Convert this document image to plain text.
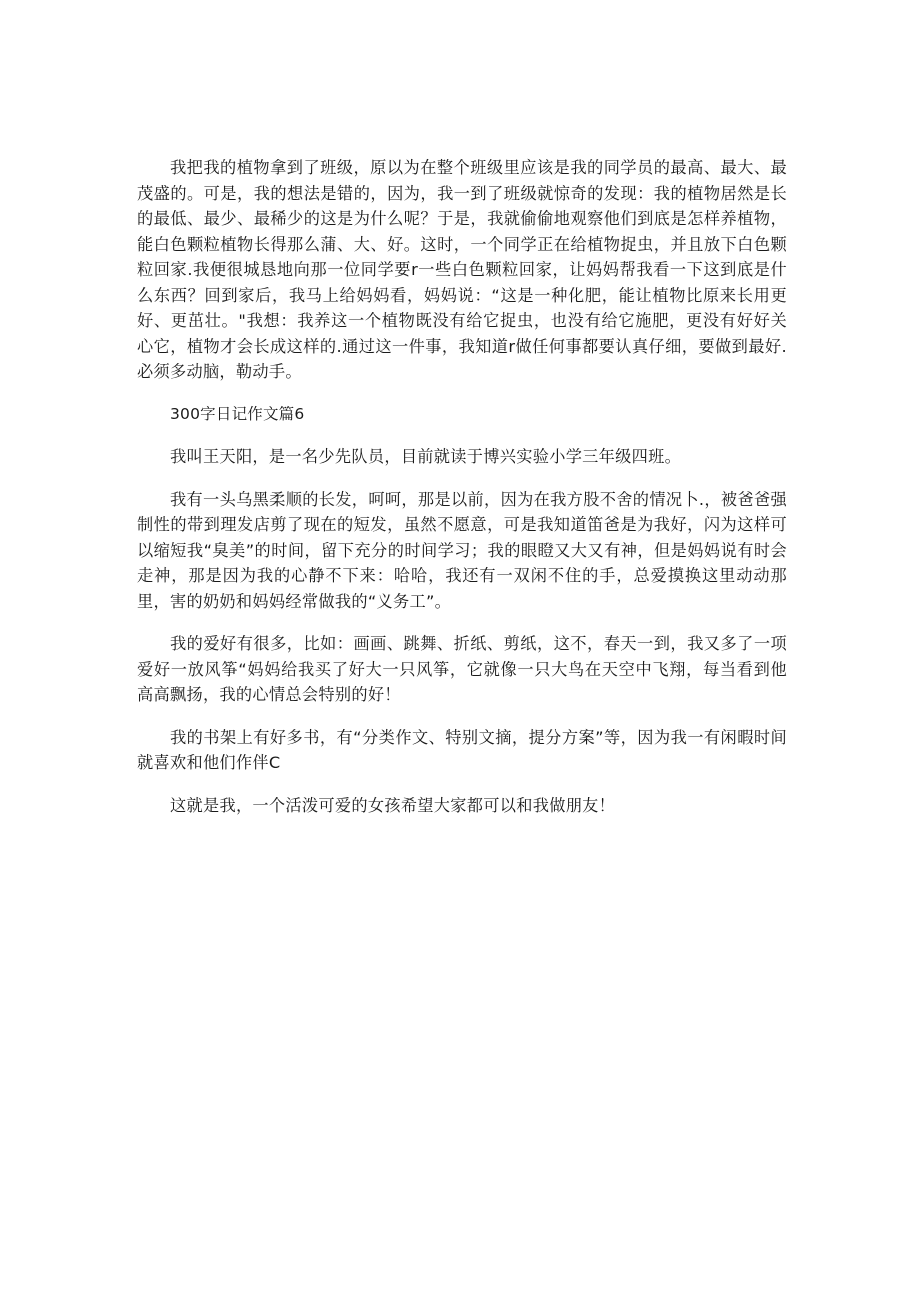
我把我的植物拿到了班级，原以为在整个班级里应该是我的同学员的最高、最大、最茂盛的。可是，我的想法是错的，因为，我一到了班级就惊奇的发现：我的植物居然是长的最低、最少、最稀少的这是为什么呢？于是，我就偷偷地观察他们到底是怎样养植物，能白色颗粒植物长得那么蒲、大、好。这时，一个同学正在给植物捉虫，并且放下白色颗粒回家.我便很城恳地向那一位同学要r一些白色颗粒回家，让妈妈帮我看一下这到底是什么东西？回到家后，我马上给妈妈看，妈妈说：“这是一种化肥，能让植物比原来长用更好、更茁壮。"我想：我养这一个植物既没有给它捉虫，也没有给它施肥，更没有好好关心它，植物才会长成这样的.通过这一件事，我知道r做任何事都要认真仔细，要做到最好.必须多动脑，勒动手。

300字日记作文篇6

我叫王天阳，是一名少先队员，目前就读于博兴实验小学三年级四班。

我有一头乌黑柔顺的长发，呵呵，那是以前，因为在我方股不舍的情况卜.，被爸爸强制性的带到理发店剪了现在的短发，虽然不愿意，可是我知道笛爸是为我好，闪为这样可以缩短我“臭美”的时间，留下充分的时间学习；我的眼瞪又大又有神，但是妈妈说有时会走神，那是因为我的心静不下来：哈哈，我还有一双闲不住的手，总爱摸换这里动动那里，害的奶奶和妈妈经常做我的“义务工”。

我的爱好有很多，比如：画画、跳舞、折纸、剪纸，这不，春天一到，我又多了一项爱好一放风筝“妈妈给我买了好大一只风筝，它就像一只大鸟在天空中飞翔，每当看到他高高飘扬，我的心情总会特别的好！

我的书架上有好多书，有“分类作文、特别文摘，提分方案”等，因为我一有闲暇时间就喜欢和他们作伴C

这就是我，一个活泼可爱的女孩希望大家都可以和我做朋友！
